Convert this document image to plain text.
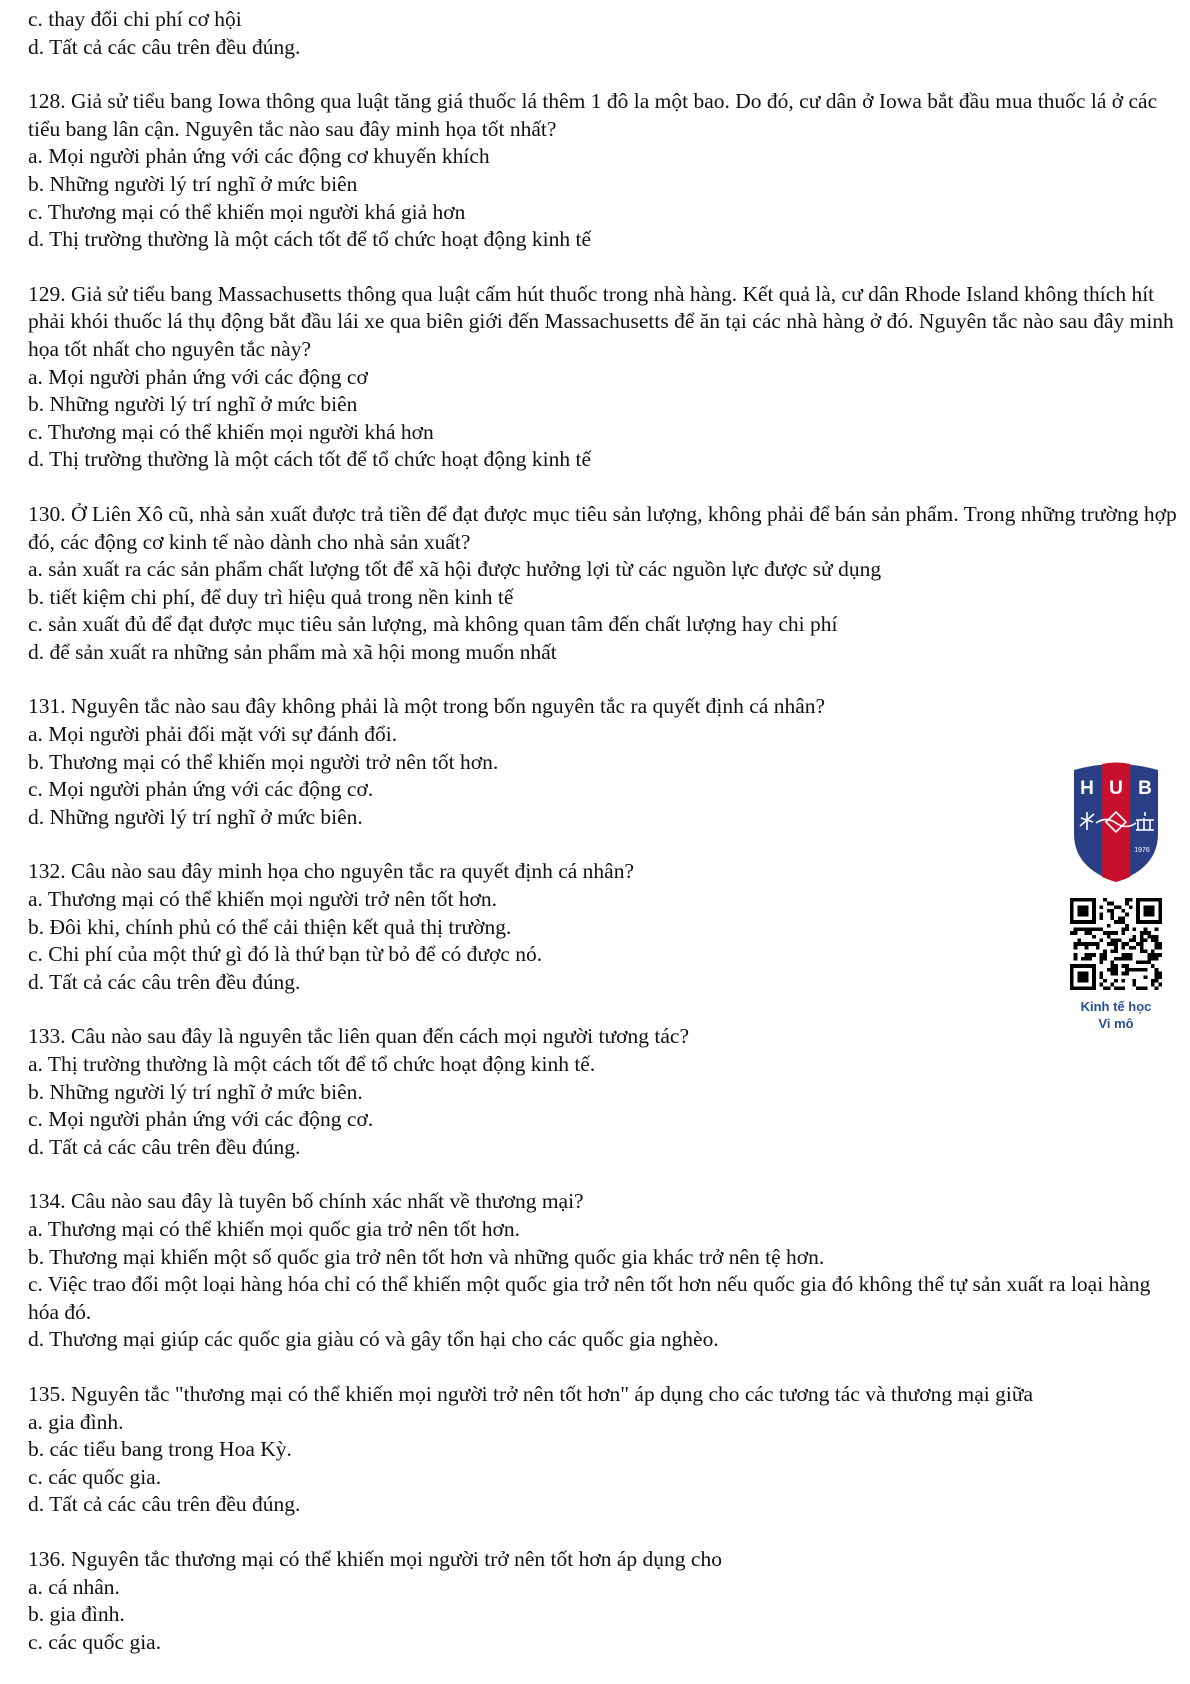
c. thay đổi chi phí cơ hội
d. Tất cả các câu trên đều đúng.
128. Giả sử tiểu bang Iowa thông qua luật tăng giá thuốc lá thêm 1 đô la một bao. Do đó, cư dân ở Iowa bắt đầu mua thuốc lá ở các tiểu bang lân cận. Nguyên tắc nào sau đây minh họa tốt nhất?
a. Mọi người phản ứng với các động cơ khuyến khích
b. Những người lý trí nghĩ ở mức biên
c. Thương mại có thể khiến mọi người khá giả hơn
d. Thị trường thường là một cách tốt để tổ chức hoạt động kinh tế
129. Giả sử tiểu bang Massachusetts thông qua luật cấm hút thuốc trong nhà hàng. Kết quả là, cư dân Rhode Island không thích hít phải khói thuốc lá thụ động bắt đầu lái xe qua biên giới đến Massachusetts để ăn tại các nhà hàng ở đó. Nguyên tắc nào sau đây minh họa tốt nhất cho nguyên tắc này?
a. Mọi người phản ứng với các động cơ
b. Những người lý trí nghĩ ở mức biên
c. Thương mại có thể khiến mọi người khá hơn
d. Thị trường thường là một cách tốt để tổ chức hoạt động kinh tế
130. Ở Liên Xô cũ, nhà sản xuất được trả tiền để đạt được mục tiêu sản lượng, không phải để bán sản phẩm. Trong những trường hợp đó, các động cơ kinh tế nào dành cho nhà sản xuất?
a. sản xuất ra các sản phẩm chất lượng tốt để xã hội được hưởng lợi từ các nguồn lực được sử dụng
b. tiết kiệm chi phí, để duy trì hiệu quả trong nền kinh tế
c. sản xuất đủ để đạt được mục tiêu sản lượng, mà không quan tâm đến chất lượng hay chi phí
d. để sản xuất ra những sản phẩm mà xã hội mong muốn nhất
131. Nguyên tắc nào sau đây không phải là một trong bốn nguyên tắc ra quyết định cá nhân?
a. Mọi người phải đối mặt với sự đánh đổi.
b. Thương mại có thể khiến mọi người trở nên tốt hơn.
c. Mọi người phản ứng với các động cơ.
d. Những người lý trí nghĩ ở mức biên.
132. Câu nào sau đây minh họa cho nguyên tắc ra quyết định cá nhân?
a. Thương mại có thể khiến mọi người trở nên tốt hơn.
b. Đôi khi, chính phủ có thể cải thiện kết quả thị trường.
c. Chi phí của một thứ gì đó là thứ bạn từ bỏ để có được nó.
d. Tất cả các câu trên đều đúng.
133. Câu nào sau đây là nguyên tắc liên quan đến cách mọi người tương tác?
a. Thị trường thường là một cách tốt để tổ chức hoạt động kinh tế.
b. Những người lý trí nghĩ ở mức biên.
c. Mọi người phản ứng với các động cơ.
d. Tất cả các câu trên đều đúng.
134. Câu nào sau đây là tuyên bố chính xác nhất về thương mại?
a. Thương mại có thể khiến mọi quốc gia trở nên tốt hơn.
b. Thương mại khiến một số quốc gia trở nên tốt hơn và những quốc gia khác trở nên tệ hơn.
c. Việc trao đổi một loại hàng hóa chỉ có thể khiến một quốc gia trở nên tốt hơn nếu quốc gia đó không thể tự sản xuất ra loại hàng hóa đó.
d. Thương mại giúp các quốc gia giàu có và gây tổn hại cho các quốc gia nghèo.
135. Nguyên tắc "thương mại có thể khiến mọi người trở nên tốt hơn" áp dụng cho các tương tác và thương mại giữa
a. gia đình.
b. các tiểu bang trong Hoa Kỳ.
c. các quốc gia.
d. Tất cả các câu trên đều đúng.
136. Nguyên tắc thương mại có thể khiến mọi người trở nên tốt hơn áp dụng cho
a. cá nhân.
b. gia đình.
c. các quốc gia.
H U B
1976
Kinh tế học
Vi mô
